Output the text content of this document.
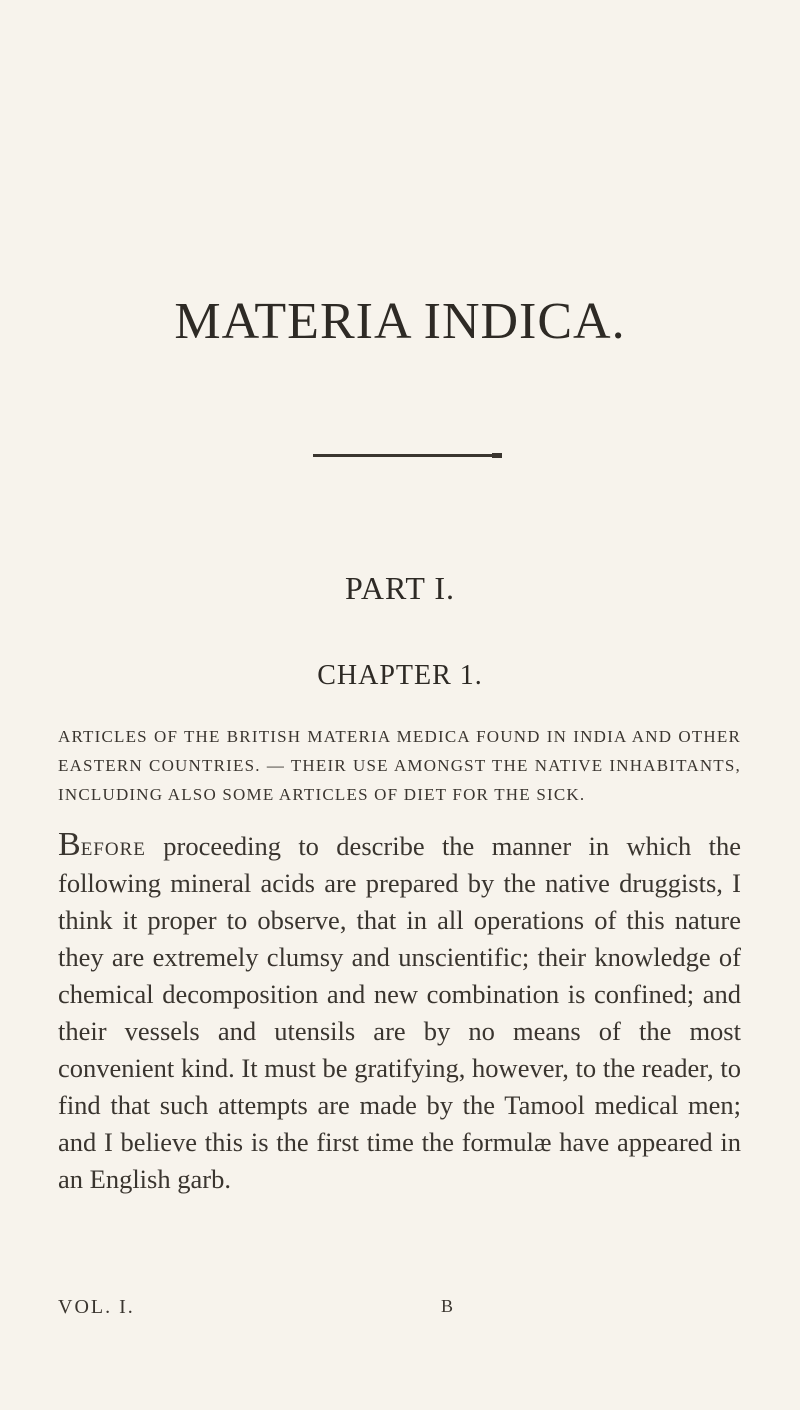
MATERIA INDICA.
PART I.
CHAPTER 1.
ARTICLES OF THE BRITISH MATERIA MEDICA FOUND IN INDIA AND OTHER EASTERN COUNTRIES. — THEIR USE AMONGST THE NATIVE INHABITANTS, INCLUDING ALSO SOME ARTICLES OF DIET FOR THE SICK.
Before proceeding to describe the manner in which the following mineral acids are prepared by the native druggists, I think it proper to observe, that in all operations of this nature they are extremely clumsy and unscientific; their knowledge of chemical decomposition and new combination is confined; and their vessels and utensils are by no means of the most convenient kind. It must be gratifying, however, to the reader, to find that such attempts are made by the Tamool medical men; and I believe this is the first time the formulæ have appeared in an English garb.
VOL. I.	B
